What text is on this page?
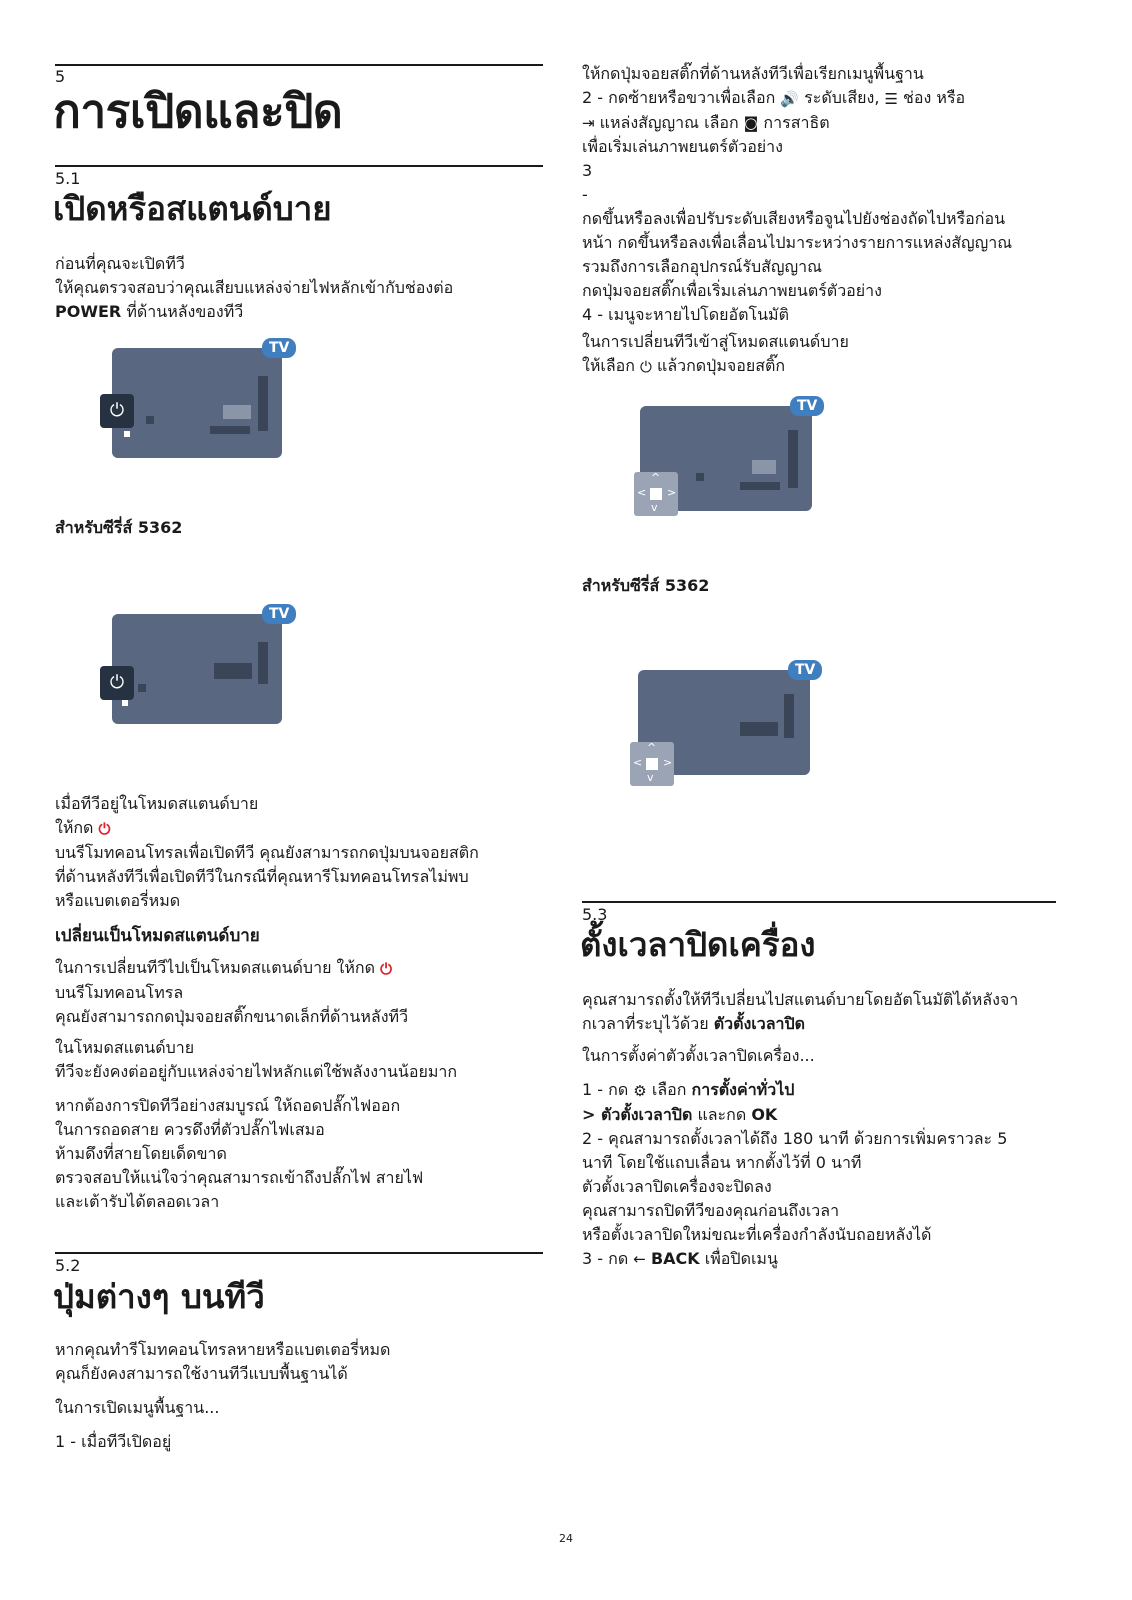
5
การเปิดและปิด
5.1
เปิดหรือสแตนด์บาย

ก่อนที่คุณจะเปิดทีวี

ให้คุณตรวจสอบว่าคุณเสียบแหล่งจ่ายไฟหลักเข้ากับช่องต่อ

POWER ที่ด้านหลังของทีวี

TV
⏻
สำหรับซีรี่ส์ 5362
TV
⏻

เมื่อทีวีอยู่ในโหมดสแตนด์บาย

ให้กด ⏻

บนรีโมทคอนโทรลเพื่อเปิดทีวี คุณยังสามารถกดปุ่มบนจอยสติก

ที่ด้านหลังทีวีเพื่อเปิดทีวีในกรณีที่คุณหารีโมทคอนโทรลไม่พบ

หรือแบตเตอรี่หมด

เปลี่ยนเป็นโหมดสแตนด์บาย

ในการเปลี่ยนทีวีไปเป็นโหมดสแตนด์บาย ให้กด ⏻

บนรีโมทคอนโทรล

คุณยังสามารถกดปุ่มจอยสติ๊กขนาดเล็กที่ด้านหลังทีวี

ในโหมดสแตนด์บาย

ทีวีจะยังคงต่ออยู่กับแหล่งจ่ายไฟหลักแต่ใช้พลังงานน้อยมาก

หากต้องการปิดทีวีอย่างสมบูรณ์ ให้ถอดปลั๊กไฟออก

ในการถอดสาย ควรดึงที่ตัวปลั๊กไฟเสมอ

ห้ามดึงที่สายโดยเด็ดขาด

ตรวจสอบให้แน่ใจว่าคุณสามารถเข้าถึงปลั๊กไฟ สายไฟ

และเต้ารับได้ตลอดเวลา

5.2
ปุ่มต่างๆ บนทีวี

หากคุณทำรีโมทคอนโทรลหายหรือแบตเตอรี่หมด

คุณก็ยังคงสามารถใช้งานทีวีแบบพื้นฐานได้

ในการเปิดเมนูพื้นฐาน...

1 - เมื่อทีวีเปิดอยู่

ให้กดปุ่มจอยสติ๊กที่ด้านหลังทีวีเพื่อเรียกเมนูพื้นฐาน

2 - กดซ้ายหรือขวาเพื่อเลือก 🔊 ระดับเสียง, ☰ ช่อง หรือ

⇥ แหล่งสัญญาณ เลือก ◙ การสาธิต

เพื่อเริ่มเล่นภาพยนตร์ตัวอย่าง

3

-

กดขึ้นหรือลงเพื่อปรับระดับเสียงหรือจูนไปยังช่องถัดไปหรือก่อน

หน้า กดขึ้นหรือลงเพื่อเลื่อนไปมาระหว่างรายการแหล่งสัญญาณ

รวมถึงการเลือกอุปกรณ์รับสัญญาณ

กดปุ่มจอยสติ๊กเพื่อเริ่มเล่นภาพยนตร์ตัวอย่าง

4 - เมนูจะหายไปโดยอัตโนมัติ

ในการเปลี่ยนทีวีเข้าสู่โหมดสแตนด์บาย

ให้เลือก ⏻ แล้วกดปุ่มจอยสติ๊ก

TV
^
< >
v
สำหรับซีรี่ส์ 5362
TV
^
< >
v
5.3
ตั้งเวลาปิดเครื่อง

คุณสามารถตั้งให้ทีวีเปลี่ยนไปสแตนด์บายโดยอัตโนมัติได้หลังจา

กเวลาที่ระบุไว้ด้วย ตัวตั้งเวลาปิด

ในการตั้งค่าตัวตั้งเวลาปิดเครื่อง...

1 - กด ⚙ เลือก การตั้งค่าทั่วไป

> ตัวตั้งเวลาปิด และกด OK

2 - คุณสามารถตั้งเวลาได้ถึง 180 นาที ด้วยการเพิ่มคราวละ 5

นาที โดยใช้แถบเลื่อน หากตั้งไว้ที่ 0 นาที

ตัวตั้งเวลาปิดเครื่องจะปิดลง

คุณสามารถปิดทีวีของคุณก่อนถึงเวลา

หรือตั้งเวลาปิดใหม่ขณะที่เครื่องกำลังนับถอยหลังได้

3 - กด ← BACK เพื่อปิดเมนู

24
